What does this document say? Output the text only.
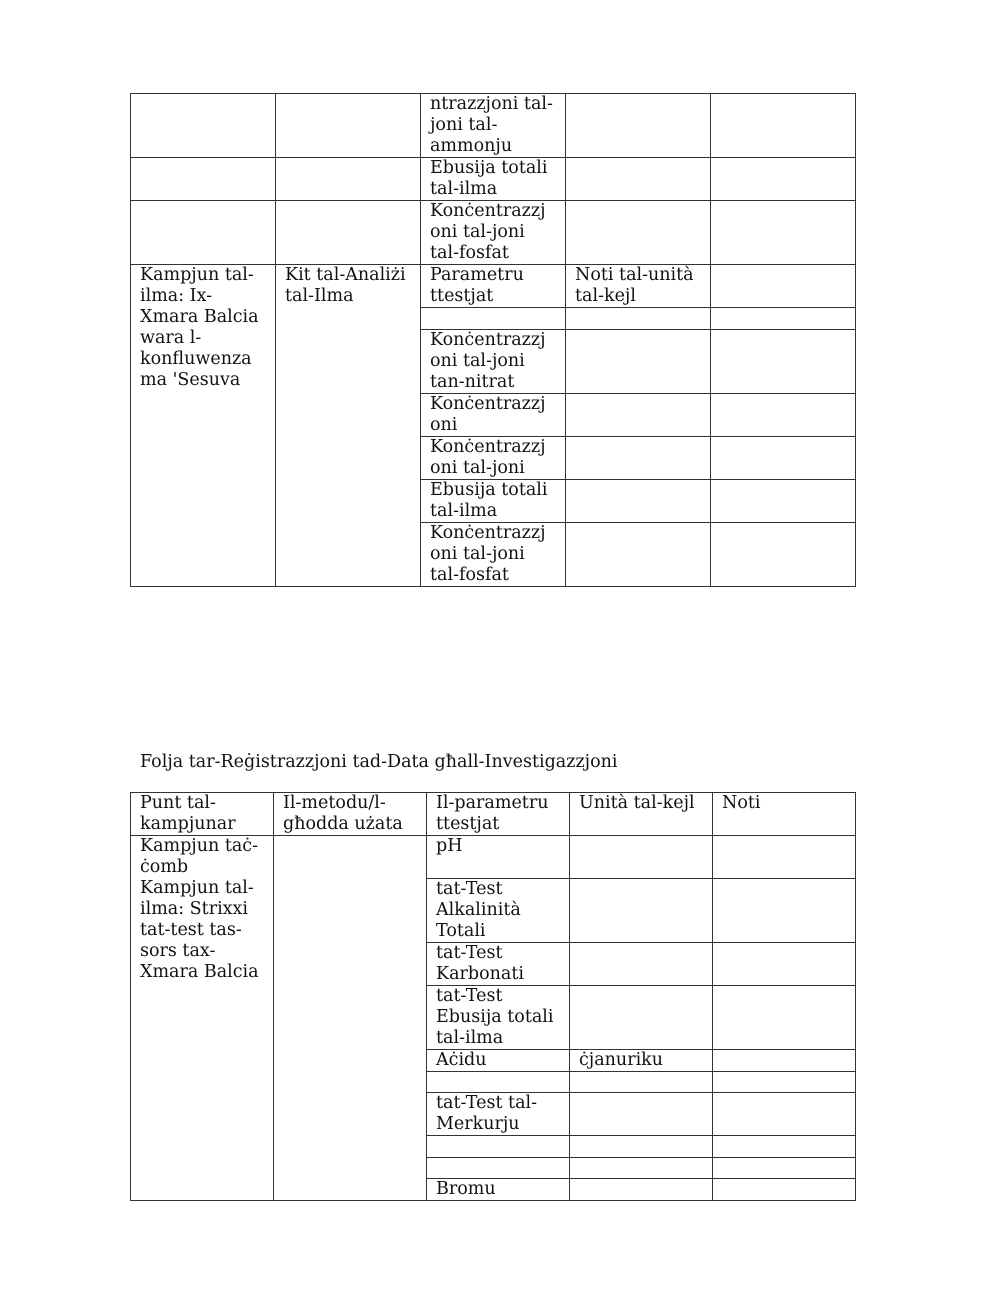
		ntrazzjoni tal-joni tal-ammonju		
		Ebusija totali tal-ilma		
		Konċentrazzjoni tal-joni tal-fosfat		
Kampjun tal-ilma: Ix-Xmara Balcia wara l-konfluwenza ma 'Sesuva	Kit tal-Analiżi tal-Ilma	Parametru ttestjat	Noti tal-unità tal-kejl	

		Konċentrazzjoni tal-joni tan-nitrat		
		Konċentrazzjoni		
		Konċentrazzjoni tal-joni		
		Ebusija totali tal-ilma		
		Konċentrazzjoni tal-joni tal-fosfat		
Folja tar-Reġistrazzjoni tad-Data għall-Investigazzjoni
Punt tal-kampjunar	Il-metodu/l-għodda użata	Il-parametru ttestjat	Unità tal-kejl	Noti
Kampjun taċ-ċomb Kampjun tal-ilma: Strixxi tat-test tas-sors tax-Xmara Balcia		pH		
		tat-Test Alkalinità Totali		
		tat-Test Karbonati		
		tat-Test Ebusija totali tal-ilma		
		Aċidu	ċjanuriku	

		tat-Test tal-Merkurju		

		Bromu		
